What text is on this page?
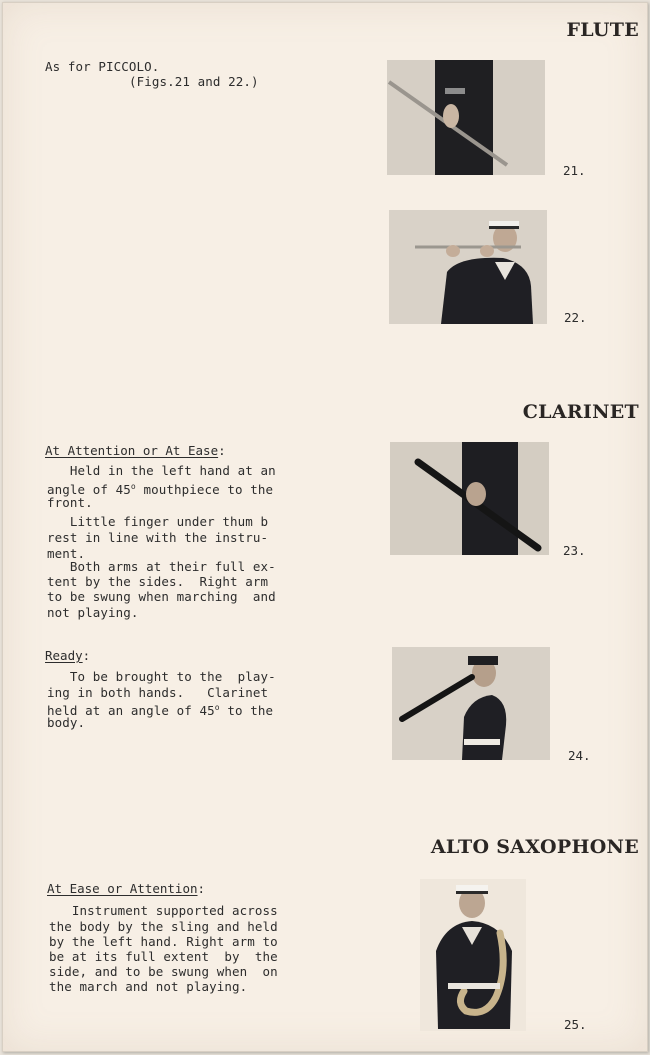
FLUTE
As for PICCOLO.
(Figs.21 and 22.)
21.
22.
CLARINET
At Attention or At Ease:
Held in the left hand at an
angle of 45$^o$ mouthpiece to the
front.
Little finger under thum b
rest in line with the instru-
ment.
Both arms at their full ex-
tent by the sides.  Right arm
to be swung when marching  and
not playing.
23.
Ready:
To be brought to the  play-
ing in both hands.   Clarinet
held at an angle of 45$^o$ to the
body.
24.
ALTO SAXOPHONE
At Ease or Attention:
Instrument supported across
the body by the sling and held
by the left hand. Right arm to
be at its full extent  by  the
side, and to be swung when  on
the march and not playing.
25.
